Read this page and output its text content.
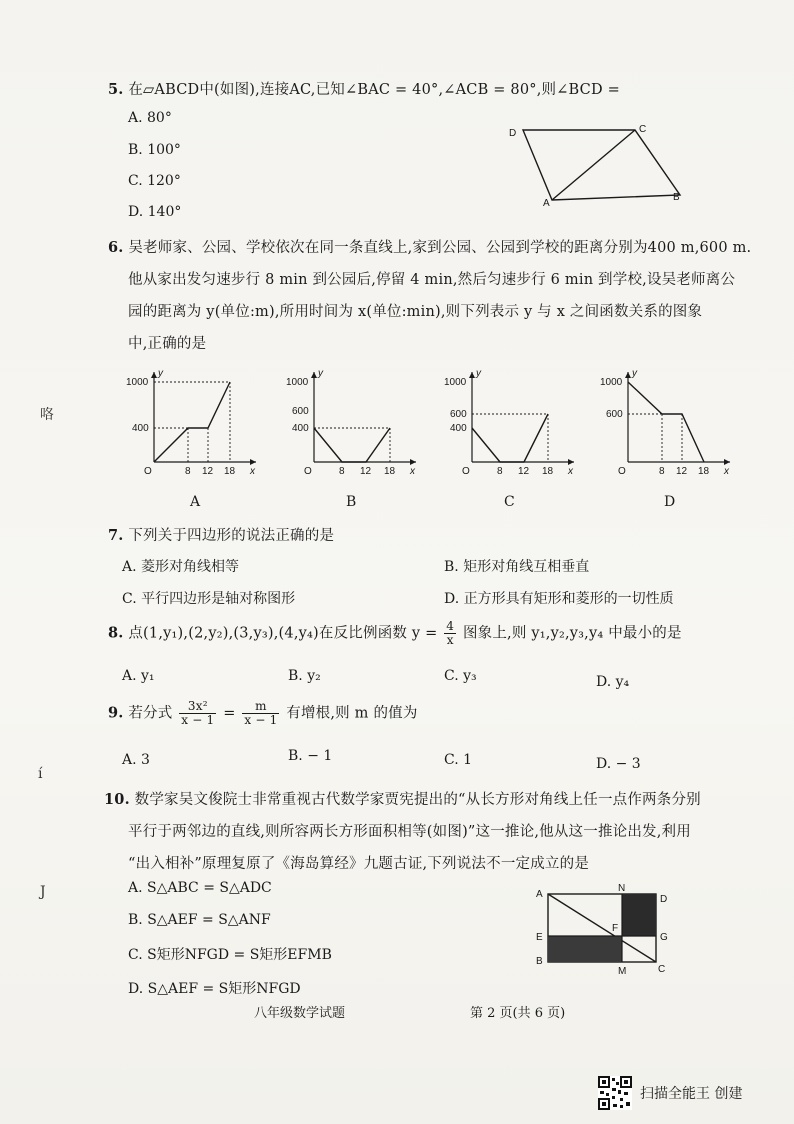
5. 在▱ABCD中(如图),连接AC,已知∠BAC = 40°,∠ACB = 80°,则∠BCD =
A. 80°
B. 100°
C. 120°
D. 140°
D	C
B
A
6. 吴老师家、公园、学校依次在同一条直线上,家到公园、公园到学校的距离分别为400 m,600 m.
他从家出发匀速步行 8 min 到公园后,停留 4 min,然后匀速步行 6 min 到学校,设吴老师离公
园的距离为 y(单位:m),所用时间为 x(单位:min),则下列表示 y 与 x 之间函数关系的图象
中,正确的是
1000
400
O	8 12 18 x
y
A
1000
600
400
O	8 12 18 x
y
B
1000
600
400
O	8 12 18 x
y
C
1000
600
O	8 12 18 x
y
D
7. 下列关于四边形的说法正确的是
A. 菱形对角线相等	B. 矩形对角线互相垂直
C. 平行四边形是轴对称图形	D. 正方形具有矩形和菱形的一切性质
8. 点(1,y₁),(2,y₂),(3,y₃),(4,y₄)在反比例函数 $y = \frac{4}{x}$ 图象上,则 y₁,y₂,y₃,y₄ 中最小的是
A. y₁	B. y₂	C. y₃	D. y₄
9. 若分式 $\frac{\text{3x²}}{x - 1} = \frac{m}{x - 1}$ 有增根,则 m 的值为
A. 3	B. − 1	C. 1	D. − 3
10. 数学家吴文俊院士非常重视古代数学家贾宪提出的“从长方形对角线上任一点作两条分别
平行于两邻边的直线,则所容两长方形面积相等(如图)”这一推论,他从这一推论出发,利用
“出入相补”原理复原了《海岛算经》九题古证,下列说法不一定成立的是
A. S△ABC = S△ADC
B. S△AEF = S△ANF
C. S矩形NFGD = S矩形EFMB
D. S△AEF = S矩形NFGD
A
N
D
E
F
G
B
M	C
咯
í
J
八年级数学试题	第 2 页(共 6 页)
扫描全能王 创建
